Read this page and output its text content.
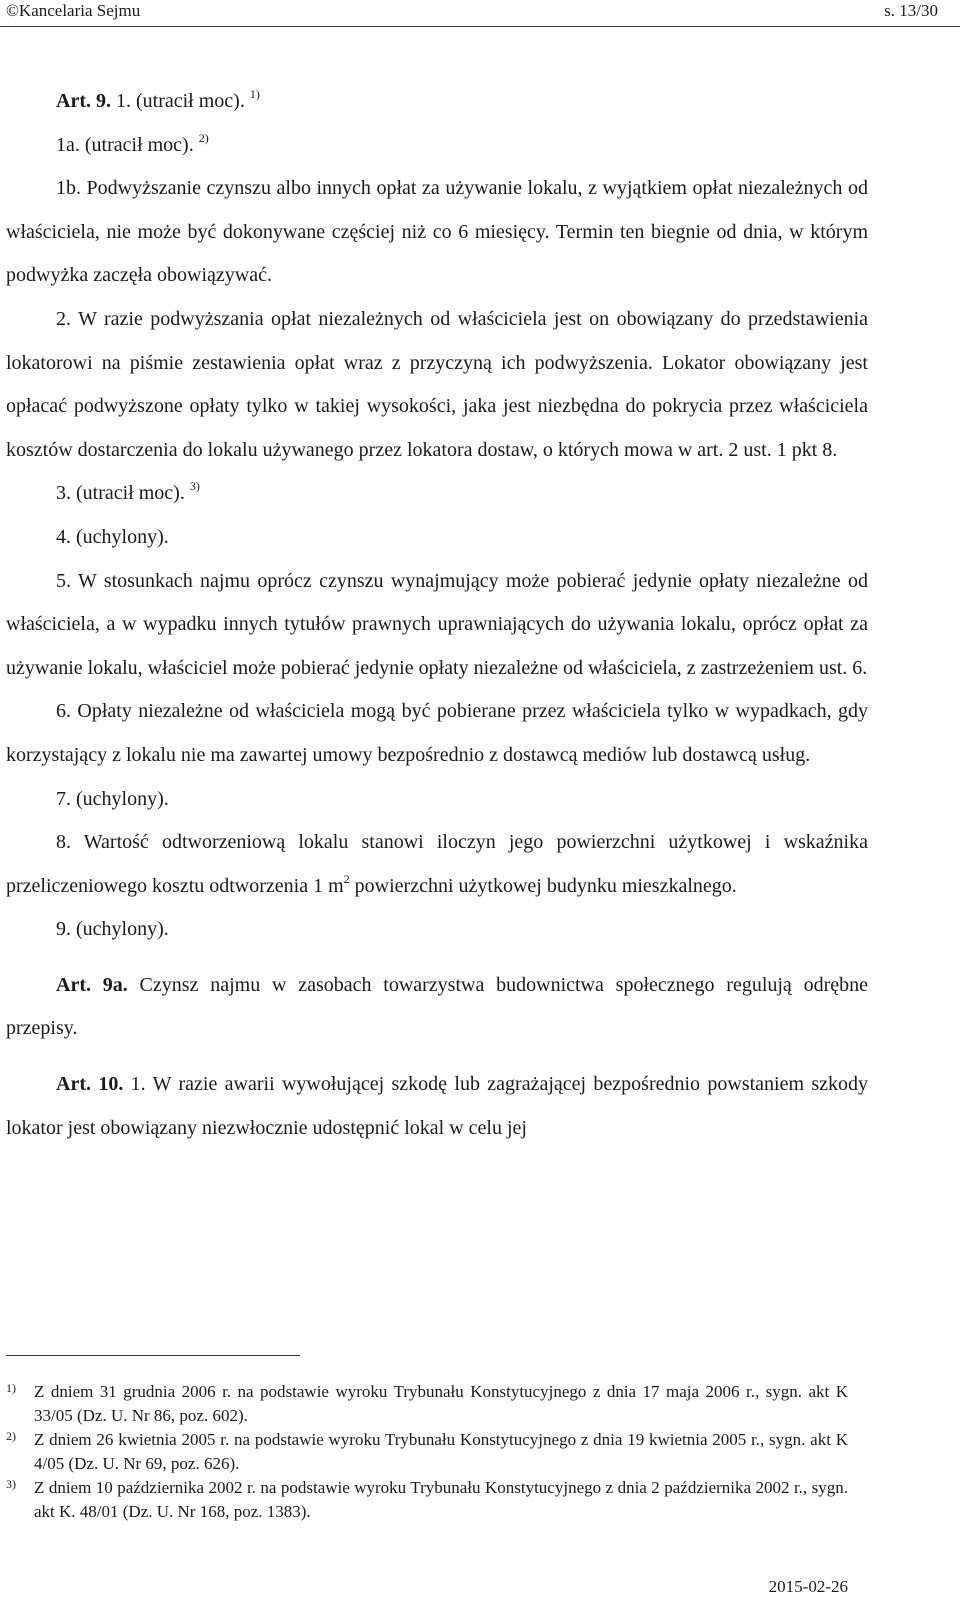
©Kancelaria Sejmu	s. 13/30

Art. 9. 1. (utracił moc). $^{1)}$

1a. (utracił moc). $^{2)}$

1b. Podwyższanie czynszu albo innych opłat za używanie lokalu, z wyjątkiem opłat niezależnych od właściciela, nie może być dokonywane częściej niż co 6 miesięcy. Termin ten biegnie od dnia, w którym podwyżka zaczęła obowiązywać.

2. W razie podwyższania opłat niezależnych od właściciela jest on obowiązany do przedstawienia lokatorowi na piśmie zestawienia opłat wraz z przyczyną ich podwyższenia. Lokator obowiązany jest opłacać podwyższone opłaty tylko w takiej wysokości, jaka jest niezbędna do pokrycia przez właściciela kosztów dostarczenia do lokalu używanego przez lokatora dostaw, o których mowa w art. 2 ust. 1 pkt 8.

3. (utracił moc). $^{3)}$

4. (uchylony).

5. W stosunkach najmu oprócz czynszu wynajmujący może pobierać jedynie opłaty niezależne od właściciela, a w wypadku innych tytułów prawnych uprawniających do używania lokalu, oprócz opłat za używanie lokalu, właściciel może pobierać jedynie opłaty niezależne od właściciela, z zastrzeżeniem ust. 6.

6. Opłaty niezależne od właściciela mogą być pobierane przez właściciela tylko w wypadkach, gdy korzystający z lokalu nie ma zawartej umowy bezpośrednio z dostawcą mediów lub dostawcą usług.

7. (uchylony).

8. Wartość odtworzeniową lokalu stanowi iloczyn jego powierzchni użytkowej i wskaźnika przeliczeniowego kosztu odtworzenia 1 $m^2$ powierzchni użytkowej budynku mieszkalnego.

9. (uchylony).

Art. 9a. Czynsz najmu w zasobach towarzystwa budownictwa społecznego regulują odrębne przepisy.

Art. 10. 1. W razie awarii wywołującej szkodę lub zagrażającej bezpośrednio powstaniem szkody lokator jest obowiązany niezwłocznie udostępnić lokal w celu jej

1) Z dniem 31 grudnia 2006 r. na podstawie wyroku Trybunału Konstytucyjnego z dnia 17 maja 2006 r., sygn. akt K 33/05 (Dz. U. Nr 86, poz. 602).
2) Z dniem 26 kwietnia 2005 r. na podstawie wyroku Trybunału Konstytucyjnego z dnia 19 kwietnia 2005 r., sygn. akt K 4/05 (Dz. U. Nr 69, poz. 626).
3) Z dniem 10 października 2002 r. na podstawie wyroku Trybunału Konstytucyjnego z dnia 2 października 2002 r., sygn. akt K. 48/01 (Dz. U. Nr 168, poz. 1383).
2015-02-26
